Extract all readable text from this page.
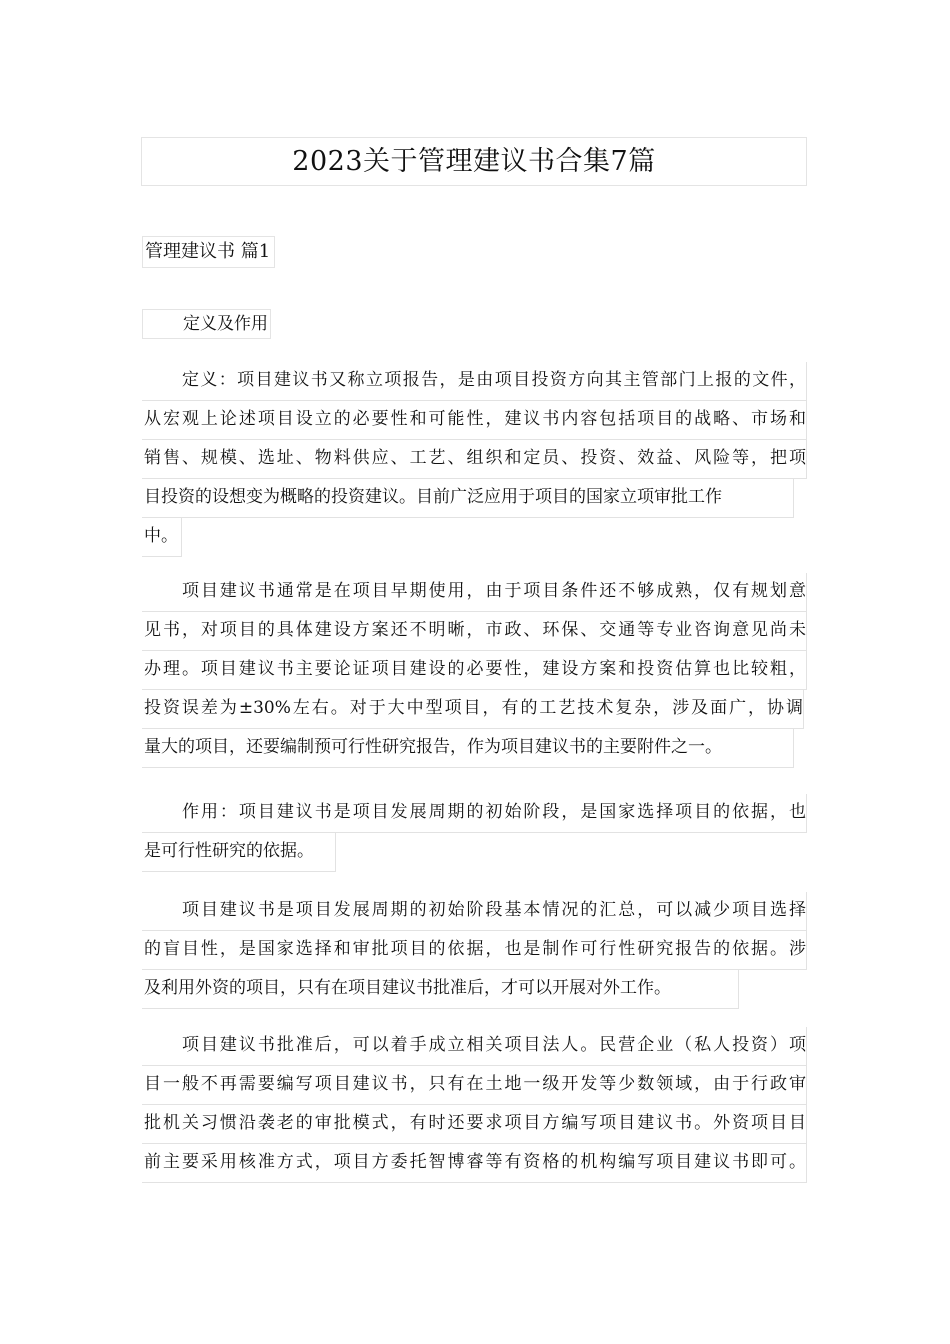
2023关于管理建议书合集7篇
管理建议书 篇1
定义及作用
定义：项目建议书又称立项报告，是由项目投资方向其主管部门上报的文件，
从宏观上论述项目设立的必要性和可能性，建议书内容包括项目的战略、市场和
销售、规模、选址、物料供应、工艺、组织和定员、投资、效益、风险等，把项
目投资的设想变为概略的投资建议。目前广泛应用于项目的国家立项审批工作
中。
项目建议书通常是在项目早期使用，由于项目条件还不够成熟，仅有规划意
见书，对项目的具体建设方案还不明晰，市政、环保、交通等专业咨询意见尚未
办理。项目建议书主要论证项目建设的必要性，建设方案和投资估算也比较粗，
投资误差为±30%左右。对于大中型项目，有的工艺技术复杂，涉及面广，协调
量大的项目，还要编制预可行性研究报告，作为项目建议书的主要附件之一。
作用：项目建议书是项目发展周期的初始阶段，是国家选择项目的依据，也
是可行性研究的依据。
项目建议书是项目发展周期的初始阶段基本情况的汇总，可以减少项目选择
的盲目性，是国家选择和审批项目的依据，也是制作可行性研究报告的依据。涉
及利用外资的项目，只有在项目建议书批准后，才可以开展对外工作。
项目建议书批准后，可以着手成立相关项目法人。民营企业（私人投资）项
目一般不再需要编写项目建议书，只有在土地一级开发等少数领域，由于行政审
批机关习惯沿袭老的审批模式，有时还要求项目方编写项目建议书。外资项目目
前主要采用核准方式，项目方委托智博睿等有资格的机构编写项目建议书即可。
